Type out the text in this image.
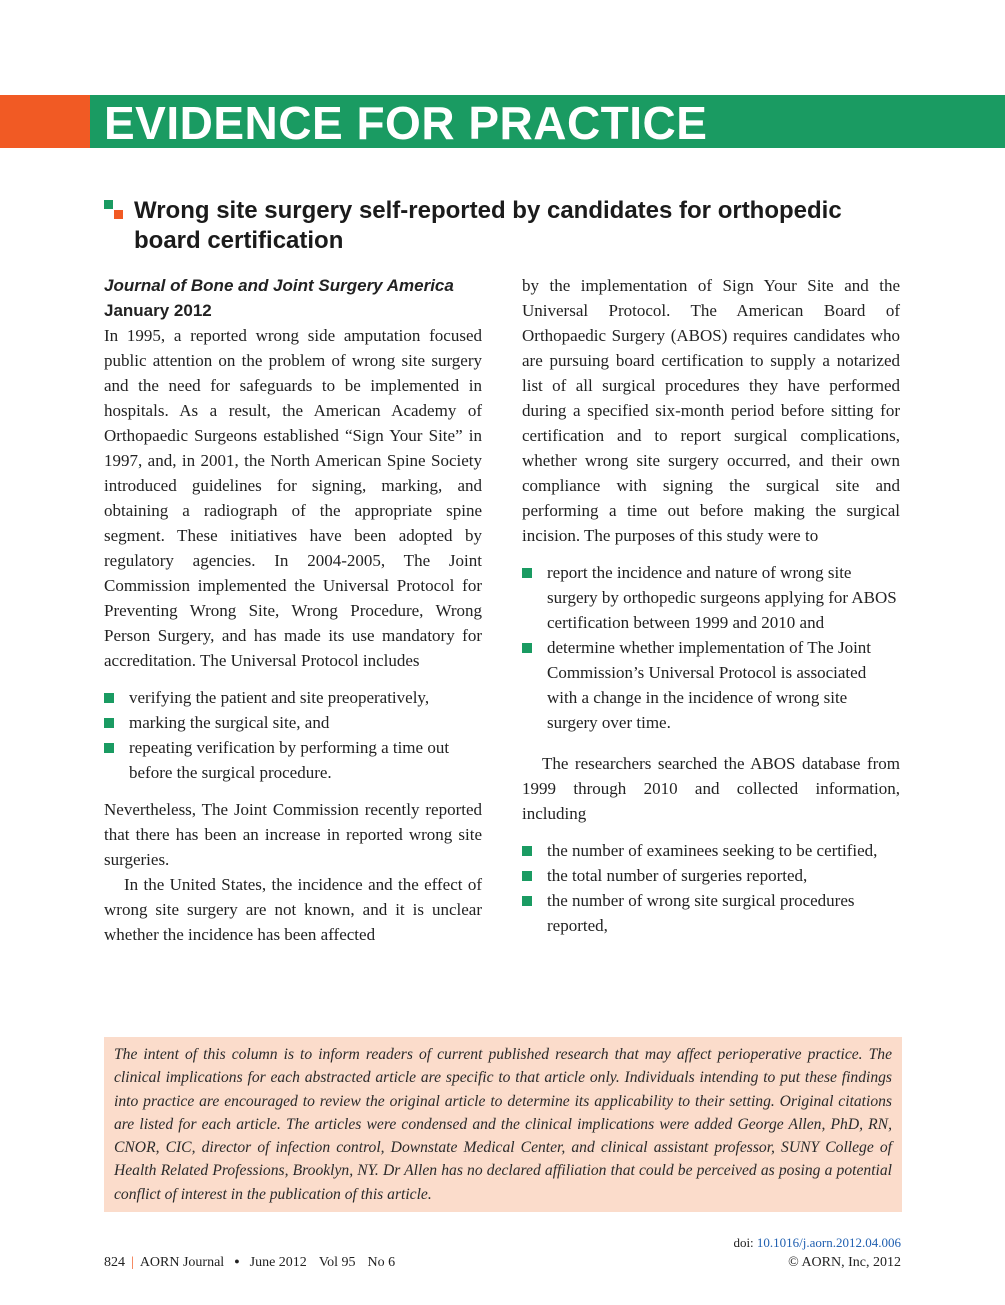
EVIDENCE FOR PRACTICE
Wrong site surgery self-reported by candidates for orthopedic board certification

Journal of Bone and Joint Surgery America

January 2012

In 1995, a reported wrong side amputation focused public attention on the problem of wrong site surgery and the need for safeguards to be implemented in hospitals. As a result, the American Academy of Orthopaedic Surgeons established “Sign Your Site” in 1997, and, in 2001, the North American Spine Society introduced guidelines for signing, marking, and obtaining a radiograph of the appropriate spine segment. These initiatives have been adopted by regulatory agencies. In 2004-2005, The Joint Commission implemented the Universal Protocol for Preventing Wrong Site, Wrong Procedure, Wrong Person Surgery, and has made its use mandatory for accreditation. The Universal Protocol includes

verifying the patient and site preoperatively,
marking the surgical site, and
repeating verification by performing a time out before the surgical procedure.

Nevertheless, The Joint Commission recently reported that there has been an increase in reported wrong site surgeries.

In the United States, the incidence and the effect of wrong site surgery are not known, and it is unclear whether the incidence has been affected

by the implementation of Sign Your Site and the Universal Protocol. The American Board of Orthopaedic Surgery (ABOS) requires candidates who are pursuing board certification to supply a notarized list of all surgical procedures they have performed during a specified six-month period before sitting for certification and to report surgical complications, whether wrong site surgery occurred, and their own compliance with signing the surgical site and performing a time out before making the surgical incision. The purposes of this study were to

report the incidence and nature of wrong site surgery by orthopedic surgeons applying for ABOS certification between 1999 and 2010 and
determine whether implementation of The Joint Commission’s Universal Protocol is associated with a change in the incidence of wrong site surgery over time.

The researchers searched the ABOS database from 1999 through 2010 and collected information, including

the number of examinees seeking to be certified,
the total number of surgeries reported,
the number of wrong site surgical procedures reported,

The intent of this column is to inform readers of current published research that may affect perioperative practice. The clinical implications for each abstracted article are specific to that article only. Individuals intending to put these findings into practice are encouraged to review the original article to determine its applicability to their setting. Original citations are listed for each article. The articles were condensed and the clinical implications were added George Allen, PhD, RN, CNOR, CIC, director of infection control, Downstate Medical Center, and clinical assistant professor, SUNY College of Health Related Professions, Brooklyn, NY. Dr Allen has no declared affiliation that could be perceived as posing a potential conflict of interest in the publication of this article.

824 | AORN Journal ● June 2012 Vol 95 No 6
doi: 10.1016/j.aorn.2012.04.006
© AORN, Inc, 2012
